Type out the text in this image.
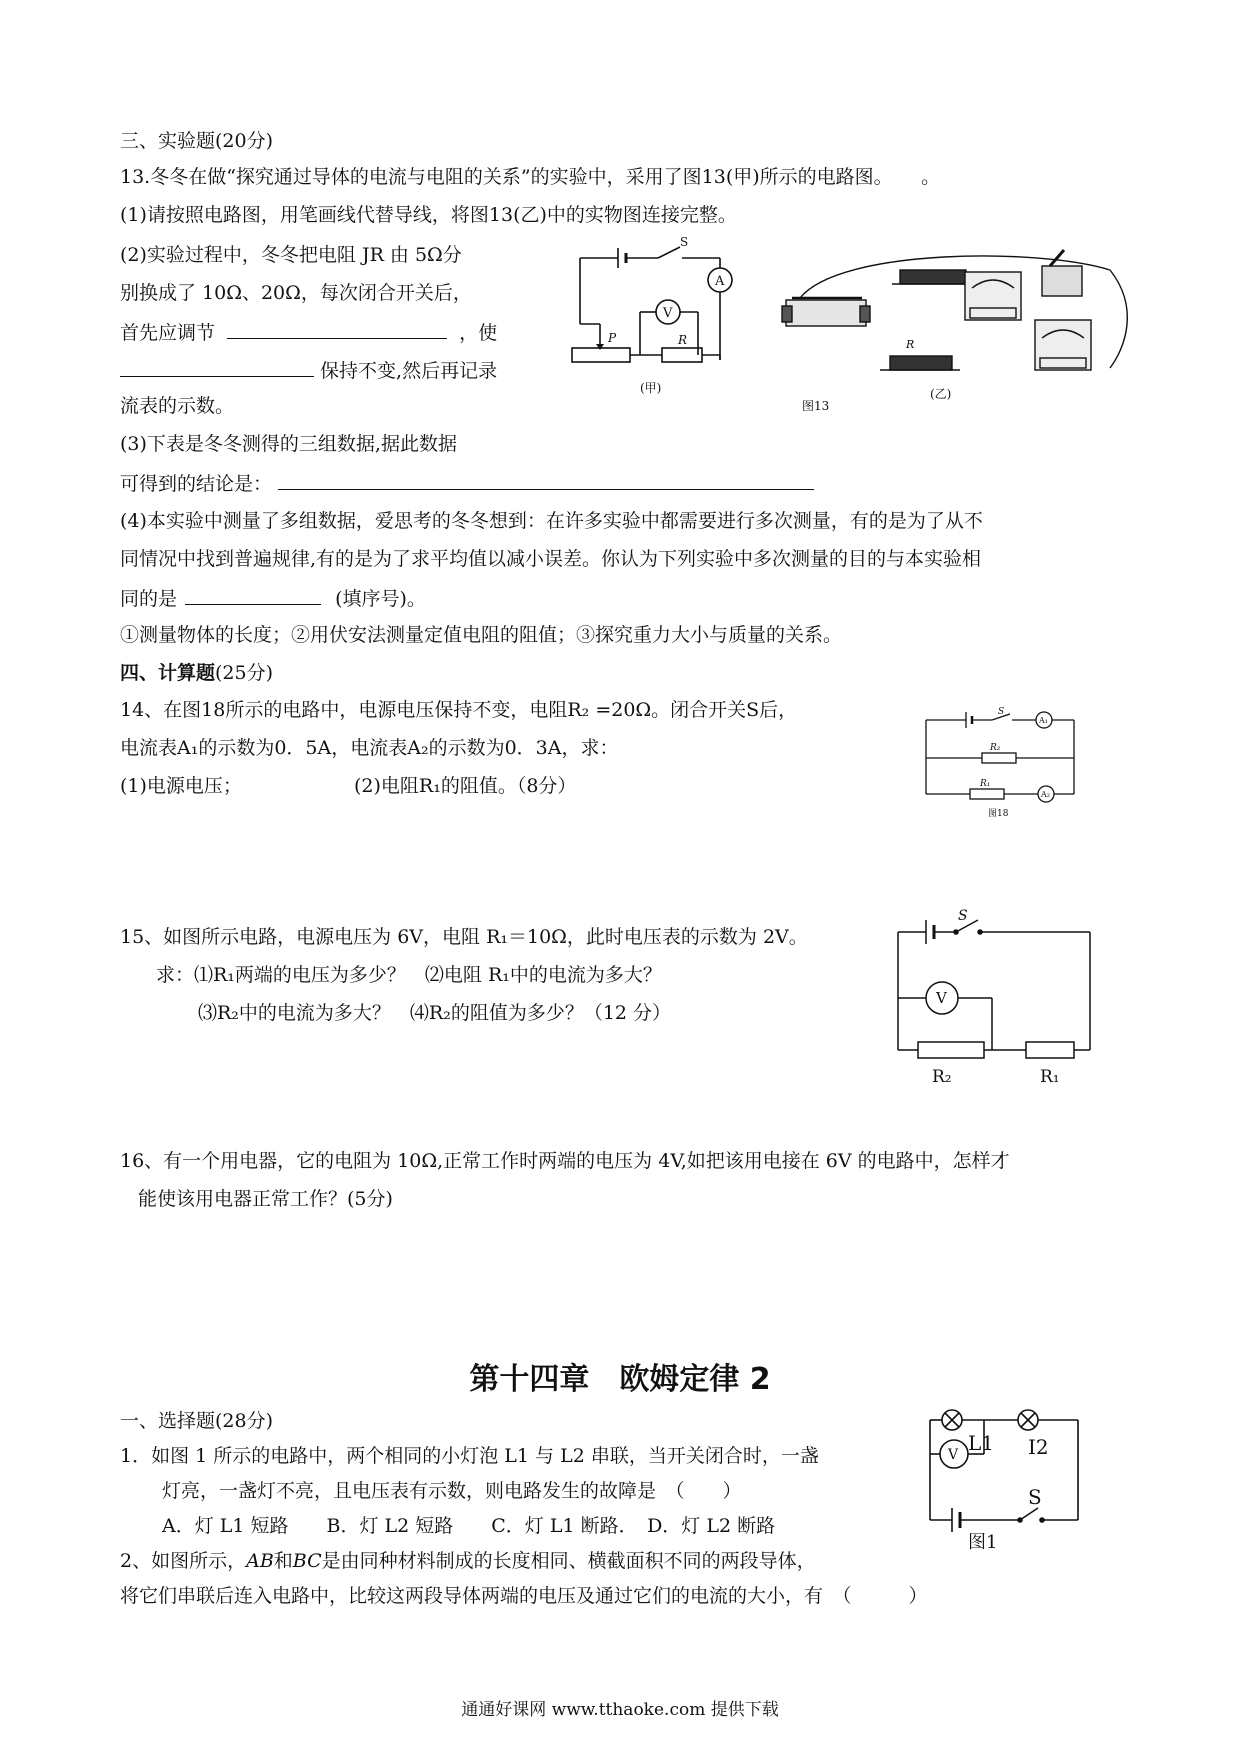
三、实验题(20分)
13.冬冬在做“探究通过导体的电流与电阻的关系”的实验中，采用了图13(甲)所示的电路图。　　。
(1)请按照电路图，用笔画线代替导线，将图13(乙)中的实物图连接完整。
(2)实验过程中，冬冬把电阻 JR 由 5Ω分
别换成了 10Ω、20Ω，每次闭合开关后，
首先应调节	，使
保持不变,然后再记录
流表的示数。
(3)下表是冬冬测得的三组数据,据此数据
可得到的结论是：
(4)本实验中测量了多组数据，爱思考的冬冬想到：在许多实验中都需要进行多次测量，有的是为了从不
同情况中找到普遍规律,有的是为了求平均值以减小误差。你认为下列实验中多次测量的目的与本实验相
同的是	(填序号)。
①测量物体的长度；②用伏安法测量定值电阻的阻值；③探究重力大小与质量的关系。
S
A
V
P	R
(甲)
R
图13
(乙)
四、计算题(25分)
14、在图18所示的电路中，电源电压保持不变，电阻R₂ =20Ω。闭合开关S后，
电流表A₁的示数为0．5A，电流表A₂的示数为0．3A，求：
(1)电源电压；	(2)电阻R₁的阻值。（8分）
S
A₁
R₂
R₁
A₂
图18
15、如图所示电路，电源电压为 6V，电阻 R₁＝10Ω，此时电压表的示数为 2V。
求：⑴R₁两端的电压为多少？　⑵电阻 R₁中的电流为多大？
⑶R₂中的电流为多大？　⑷R₂的阻值为多少？（12 分）
V
S
R₂	R₁
16、有一个用电器，它的电阻为 10Ω,正常工作时两端的电压为 4V,如把该用电接在 6V 的电路中，怎样才
能使该用电器正常工作？(5分)
第十四章　欧姆定律 2
一、选择题(28分)
1．如图 1 所示的电路中，两个相同的小灯泡 L1 与 L2 串联，当开关闭合时，一盏
灯亮，一盏灯不亮，且电压表有示数，则电路发生的故障是　（　　）
A．灯 L1 短路　　B．灯 L2 短路　　C．灯 L1 断路．　D．灯 L2 断路
2、如图所示，AB和BC是由同种材料制成的长度相同、横截面积不同的两段导体，
将它们串联后连入电路中，比较这两段导体两端的电压及通过它们的电流的大小，有　（　　　）
V L1 I2
S
图1
通通好课网 www.tthaoke.com 提供下载
